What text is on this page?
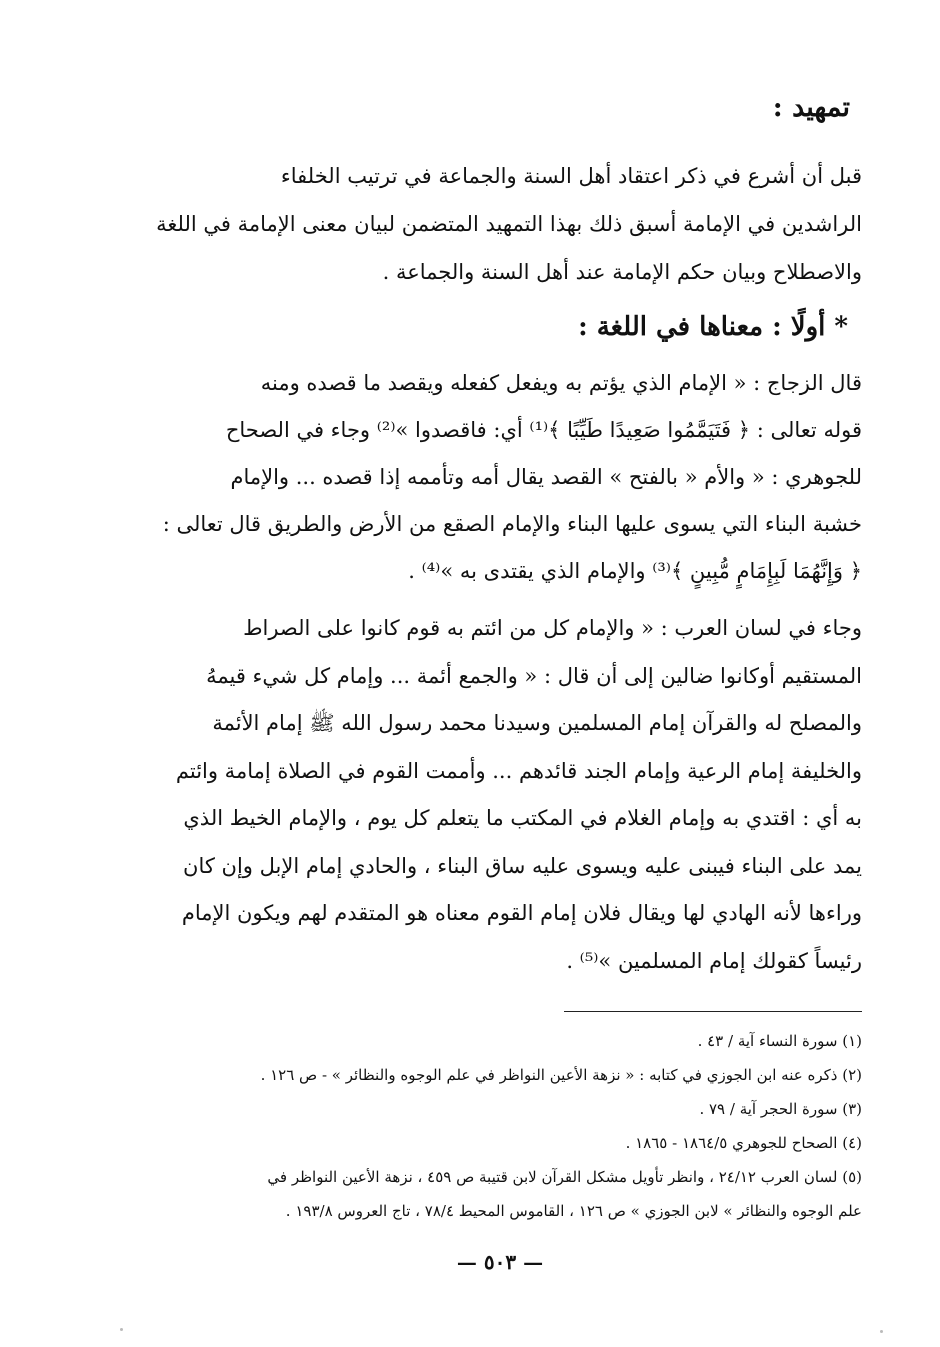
تمهيد :
قبل أن أشرع في ذكر اعتقاد أهل السنة والجماعة في ترتيب الخلفاء
الراشدين في الإمامة أسبق ذلك بهذا التمهيد المتضمن لبيان معنى الإمامة في اللغة
والاصطلاح وبيان حكم الإمامة عند أهل السنة والجماعة .
* أولًا : معناها في اللغة :
قال الزجاج : « الإمام الذي يؤتم به ويفعل كفعله ويقصد ما قصده ومنه
قوله تعالى : ﴿ فَتَيَمَّمُوا صَعِيدًا طَيِّبًا ﴾⁽¹⁾ أي: فاقصدوا »⁽²⁾ وجاء في الصحاح
للجوهري : « والأم « بالفتح » القصد يقال أمه وتأممه إذا قصده ... والإمام
خشبة البناء التي يسوى عليها البناء والإمام الصقع من الأرض والطريق قال تعالى :
﴿ وَإِنَّهُمَا لَبِإِمَامٍ مُّبِينٍ ﴾⁽³⁾ والإمام الذي يقتدى به »⁽⁴⁾ .
وجاء في لسان العرب : « والإمام كل من ائتم به قوم كانوا على الصراط
المستقيم أوكانوا ضالين إلى أن قال : « والجمع أئمة ... وإمام كل شيء قيمهُ
والمصلح له والقرآن إمام المسلمين وسيدنا محمد رسول الله ﷺ إمام الأئمة
والخليفة إمام الرعية وإمام الجند قائدهم ... وأممت القوم في الصلاة إمامة وائتم
به أي : اقتدي به وإمام الغلام في المكتب ما يتعلم كل يوم ، والإمام الخيط الذي
يمد على البناء فيبنى عليه ويسوى عليه ساق البناء ، والحادي إمام الإبل وإن كان
وراءها لأنه الهادي لها ويقال فلان إمام القوم معناه هو المتقدم لهم ويكون الإمام
رئيساً كقولك إمام المسلمين »⁽⁵⁾ .
(١) سورة النساء آية / ٤٣ .
(٢) ذكره عنه ابن الجوزي في كتابه : « نزهة الأعين النواظر في علم الوجوه والنظائر » - ص ١٢٦ .
(٣) سورة الحجر آية / ٧٩ .
(٤) الصحاح للجوهري ١٨٦٤/٥ - ١٨٦٥ .
(٥) لسان العرب ٢٤/١٢ ، وانظر تأويل مشكل القرآن لابن قتيبة ص ٤٥٩ ، نزهة الأعين النواظر في
علم الوجوه والنظائر » لابن الجوزي » ص ١٢٦ ، القاموس المحيط ٧٨/٤ ، تاج العروس ١٩٣/٨ .
— ٥٠٣ —
